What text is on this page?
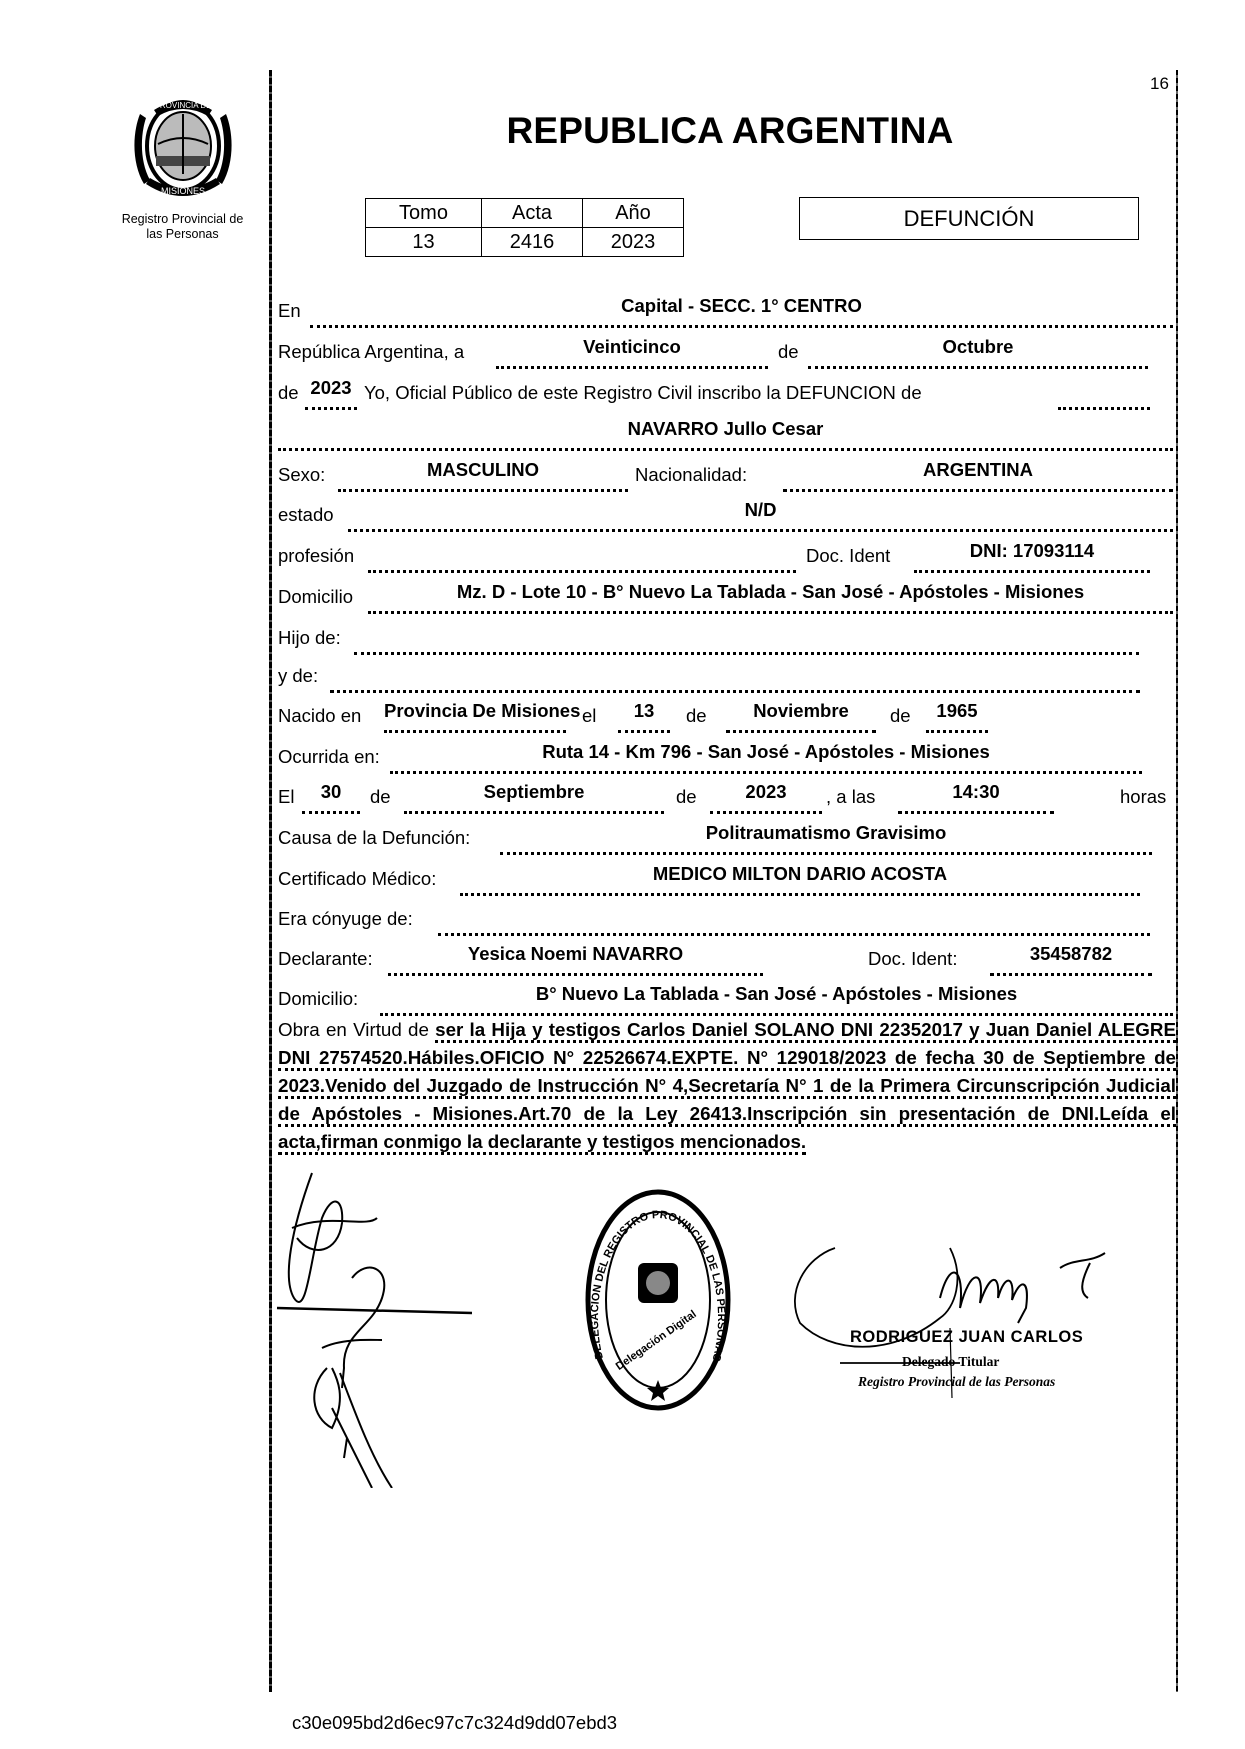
PROVINCIA DE
MISIONES
Registro Provincial de
las Personas
16
REPUBLICA ARGENTINA
Tomo	Acta	Año
13	2416	2023
DEFUNCIÓN
En	Capital - SECC. 1° CENTRO
República Argentina, a	Veinticinco	de	Octubre
de 2023 Yo, Oficial Público de este Registro Civil inscribo la DEFUNCION de
NAVARRO Jullo Cesar
Sexo:	MASCULINO	Nacionalidad:	ARGENTINA
estado	N/D
profesión	Doc. Ident	DNI: 17093114
Domicilio	Mz. D - Lote 10 - B° Nuevo La Tablada - San José - Apóstoles - Misiones
Hijo de:
y de:
Nacido en Provincia De Misiones el	13	de	Noviembre	de	1965
Ocurrida en:	Ruta 14 - Km 796 - San José - Apóstoles - Misiones
El	30	de	Septiembre	de	2023	, a las	14:30	horas
Causa de la Defunción:	Politraumatismo Gravisimo
Certificado Médico:	MEDICO MILTON DARIO ACOSTA
Era cónyuge de:
Declarante:	Yesica Noemi NAVARRO	Doc. Ident:	35458782
Domicilio:	B° Nuevo La Tablada - San José - Apóstoles - Misiones
Obra en Virtud de ser la Hija y testigos Carlos Daniel SOLANO DNI 22352017 y Juan Daniel ALEGRE DNI 27574520.Hábiles.OFICIO N° 22526674.EXPTE. N° 129018/2023 de fecha 30 de Septiembre de 2023.Venido del Juzgado de Instrucción N° 4,Secretaría N° 1 de la Primera Circunscripción Judicial de Apóstoles - Misiones.Art.70 de la Ley 26413.Inscripción sin presentación de DNI.Leída el acta,firman conmigo la declarante y testigos mencionados.
DELEGACION DEL REGISTRO PROVINCIAL DE LAS PERSONAS
Delegación Digital	RODRIGUEZ JUAN CARLOS
Delegado Titular
Registro Provincial de las Personas
c30e095bd2d6ec97c7c324d9dd07ebd3
